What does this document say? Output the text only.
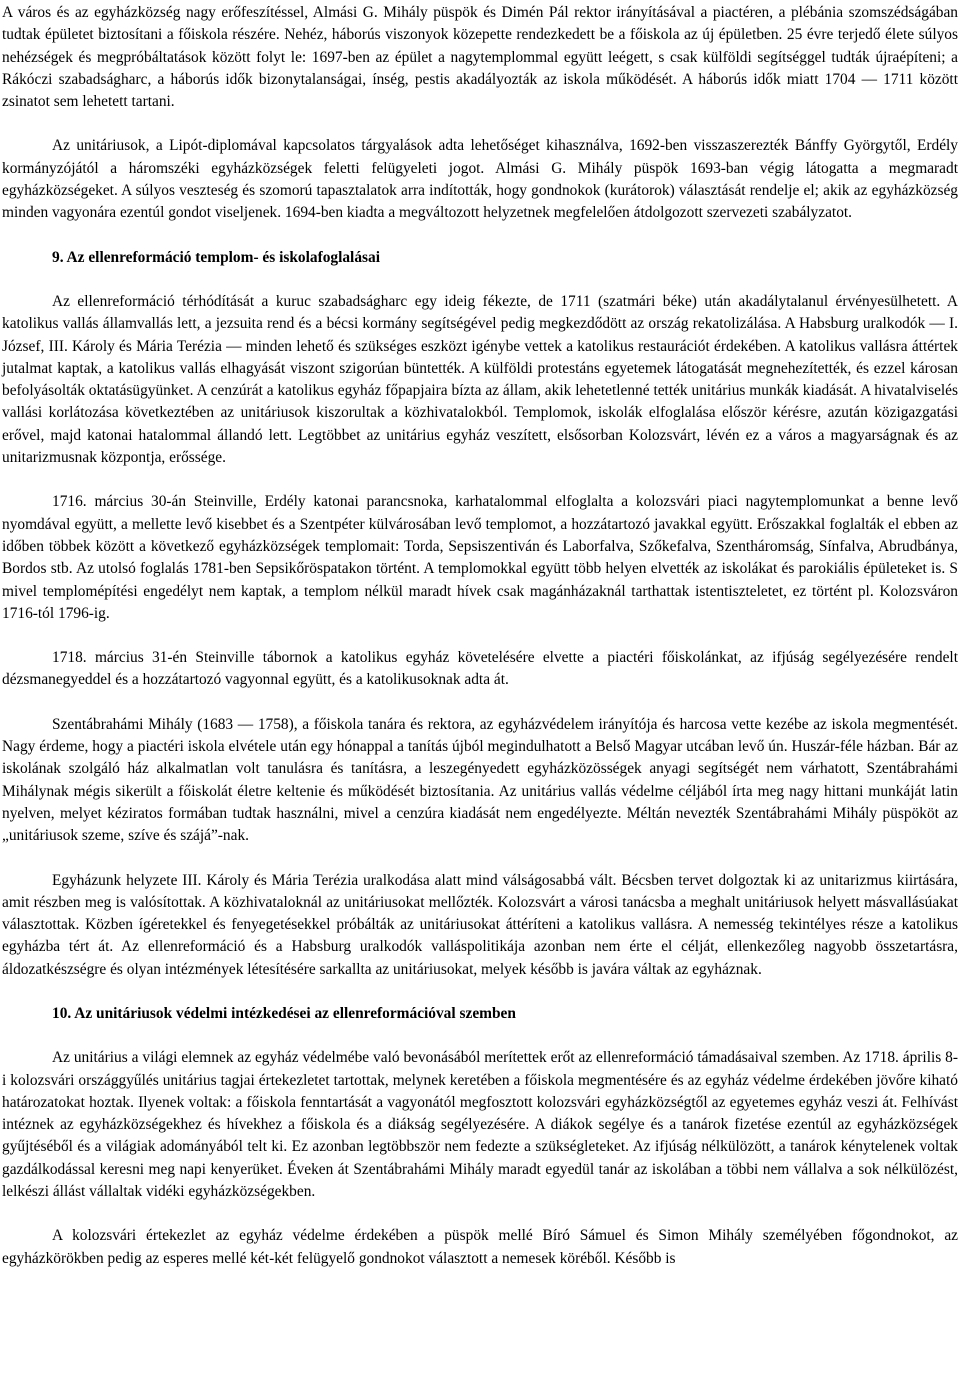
A város és az egyházközség nagy erőfeszítéssel, Almási G. Mihály püspök és Dimén Pál rektor irányításával a piactéren, a plébánia szomszédságában tudtak épületet biztosítani a főiskola részére. Nehéz, háborús viszonyok közepette rendezkedett be a főiskola az új épületben. 25 évre terjedő élete súlyos nehézségek és megpróbáltatások között folyt le: 1697-ben az épület a nagytemplommal együtt leégett, s csak külföldi segítséggel tudták újraépíteni; a Rákóczi szabadságharc, a háborús idők bizonytalanságai, ínség, pestis akadályozták az iskola működését. A háborús idők miatt 1704 — 1711 között zsinatot sem lehetett tartani.

Az unitáriusok, a Lipót-diplomával kapcsolatos tárgyalások adta lehetőséget kihasználva, 1692-ben visszaszerezték Bánffy Györgytől, Erdély kormányzójától a háromszéki egyházközségek feletti felügyeleti jogot. Almási G. Mihály püspök 1693-ban végig látogatta a megmaradt egyházközségeket. A súlyos veszteség és szomorú tapasztalatok arra indították, hogy gondnokok (kurátorok) választását rendelje el; akik az egyházközség minden vagyonára ezentúl gondot viseljenek. 1694-ben kiadta a megváltozott helyzetnek megfelelően átdolgozott szervezeti szabályzatot.

9. Az ellenreformáció templom- és iskolafoglalásai

Az ellenreformáció térhódítását a kuruc szabadságharc egy ideig fékezte, de 1711 (szatmári béke) után akadálytalanul érvényesülhetett. A katolikus vallás államvallás lett, a jezsuita rend és a bécsi kormány segítségével pedig megkezdődött az ország rekatolizálása. A Habsburg uralkodók — I. József, III. Károly és Mária Terézia — minden lehető és szükséges eszközt igénybe vettek a katolikus restaurációt érdekében. A katolikus vallásra áttértek jutalmat kaptak, a katolikus vallás elhagyását viszont szigorúan büntették. A külföldi protestáns egyetemek látogatását megnehezítették, és ezzel károsan befolyásolták oktatásügyünket. A cenzúrát a katolikus egyház főpapjaira bízta az állam, akik lehetetlenné tették unitárius munkák kiadását. A hivatalviselés vallási korlátozása következtében az unitáriusok kiszorultak a közhivatalokból. Templomok, iskolák elfoglalása először kérésre, azután közigazgatási erővel, majd katonai hatalommal állandó lett. Legtöbbet az unitárius egyház veszített, elsősorban Kolozsvárt, lévén ez a város a magyarságnak és az unitarizmusnak központja, erőssége.

1716. március 30-án Steinville, Erdély katonai parancsnoka, karhatalommal elfoglalta a kolozsvári piaci nagytemplomunkat a benne levő nyomdával együtt, a mellette levő kisebbet és a Szentpéter külvárosában levő templomot, a hozzátartozó javakkal együtt. Erőszakkal foglalták el ebben az időben többek között a következő egyházközségek templomait: Torda, Sepsiszentiván és Laborfalva, Szőkefalva, Szentháromság, Sínfalva, Abrudbánya, Bordos stb. Az utolsó foglalás 1781-ben Sepsikőröspatakon történt. A templomokkal együtt több helyen elvették az iskolákat és parokiális épületeket is. S mivel templomépítési engedélyt nem kaptak, a templom nélkül maradt hívek csak magánházaknál tarthattak istentiszteletet, ez történt pl. Kolozsváron 1716-tól 1796-ig.

1718. március 31-én Steinville tábornok a katolikus egyház követelésére elvette a piactéri főiskolánkat, az ifjúság segélyezésére rendelt dézsmanegyeddel és a hozzátartozó vagyonnal együtt, és a katolikusoknak adta át.

Szentábrahámi Mihály (1683 — 1758), a főiskola tanára és rektora, az egyházvédelem irányítója és harcosa vette kezébe az iskola megmentését. Nagy érdeme, hogy a piactéri iskola elvétele után egy hónappal a tanítás újból megindulhatott a Belső Magyar utcában levő ún. Huszár-féle házban. Bár az iskolának szolgáló ház alkalmatlan volt tanulásra és tanításra, a leszegényedett egyházközösségek anyagi segítségét nem várhatott, Szentábrahámi Mihálynak mégis sikerült a főiskolát életre keltenie és működését biztosítania. Az unitárius vallás védelme céljából írta meg nagy hittani munkáját latin nyelven, melyet kéziratos formában tudtak használni, mivel a cenzúra kiadását nem engedélyezte. Méltán nevezték Szentábrahámi Mihály püspököt az „unitáriusok szeme, szíve és szájá”-nak.

Egyházunk helyzete III. Károly és Mária Terézia uralkodása alatt mind válságosabbá vált. Bécsben tervet dolgoztak ki az unitarizmus kiirtására, amit részben meg is valósítottak. A közhivataloknál az unitáriusokat mellőzték. Kolozsvárt a városi tanácsba a meghalt unitáriusok helyett másvallásúakat választottak. Közben ígéretekkel és fenyegetésekkel próbálták az unitáriusokat áttéríteni a katolikus vallásra. A nemesség tekintélyes része a katolikus egyházba tért át. Az ellenreformáció és a Habsburg uralkodók valláspolitikája azonban nem érte el célját, ellenkezőleg nagyobb összetartásra, áldozatkészségre és olyan intézmények létesítésére sarkallta az unitáriusokat, melyek később is javára váltak az egyháznak.

10. Az unitáriusok védelmi intézkedései az ellenreformációval szemben

Az unitárius a világi elemnek az egyház védelmébe való bevonásából merítettek erőt az ellenreformáció támadásaival szemben. Az 1718. április 8-i kolozsvári országgyűlés unitárius tagjai értekezletet tartottak, melynek keretében a főiskola megmentésére és az egyház védelme érdekében jövőre kiható határozatokat hoztak. Ilyenek voltak: a főiskola fenntartását a vagyonától megfosztott kolozsvári egyházközségtől az egyetemes egyház veszi át. Felhívást intéznek az egyházközségekhez és hívekhez a főiskola és a diákság segélyezésére. A diákok segélye és a tanárok fizetése ezentúl az egyházközségek gyűjtéséből és a világiak adományából telt ki. Ez azonban legtöbbször nem fedezte a szükségleteket. Az ifjúság nélkülözött, a tanárok kénytelenek voltak gazdálkodással keresni meg napi kenyerüket. Éveken át Szentábrahámi Mihály maradt egyedül tanár az iskolában a többi nem vállalva a sok nélkülözést, lelkészi állást vállaltak vidéki egyházközségekben.

A kolozsvári értekezlet az egyház védelme érdekében a püspök mellé Bíró Sámuel és Simon Mihály személyében főgondnokot, az egyházkörökben pedig az esperes mellé két-két felügyelő gondnokot választott a nemesek köréből. Később is
